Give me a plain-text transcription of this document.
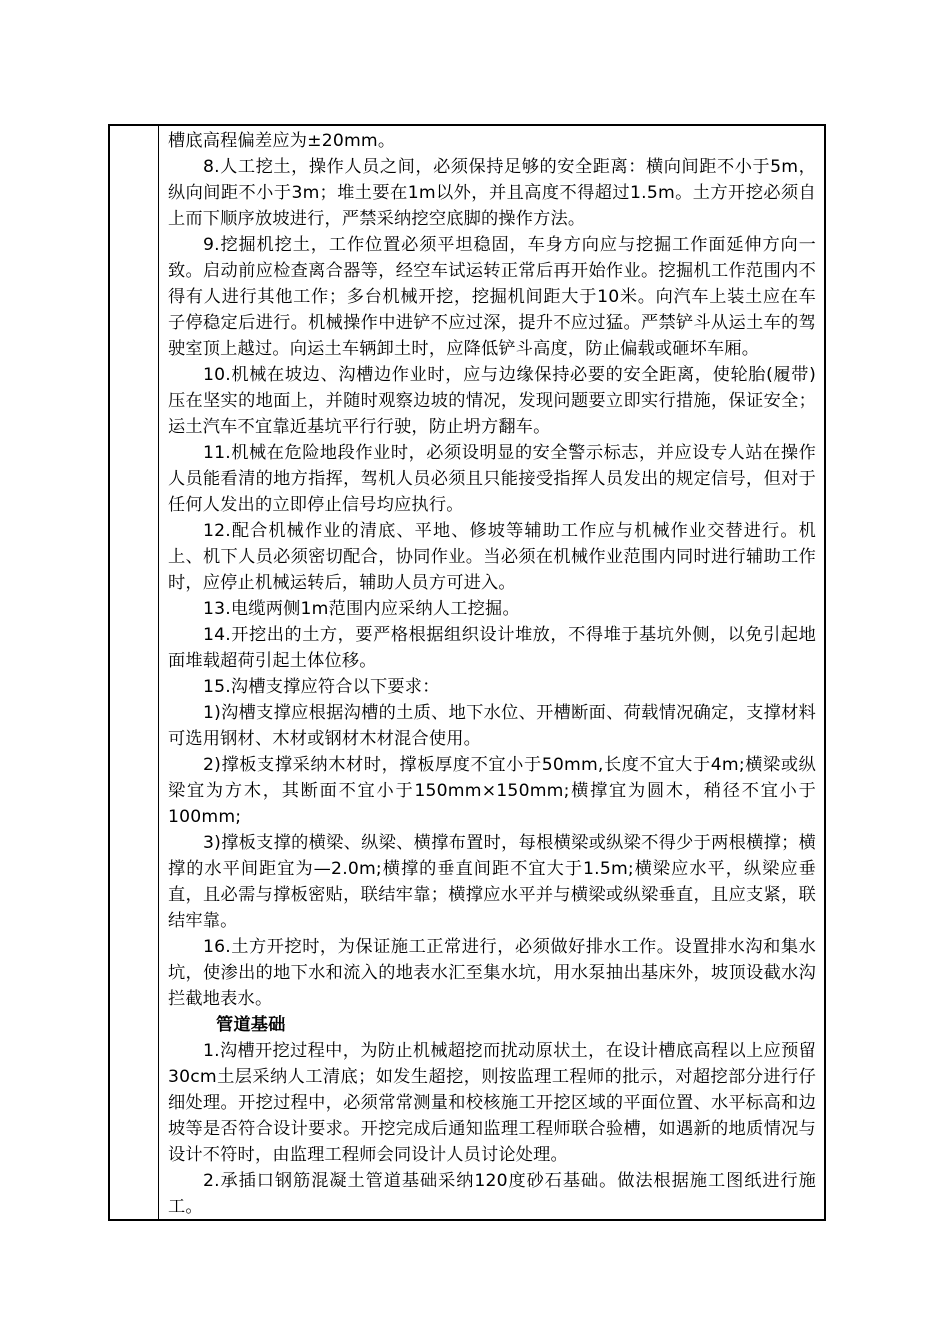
槽底高程偏差应为±20mm。

8.人工挖土，操作人员之间，必须保持足够的安全距离：横向间距不小于5m，纵向间距不小于3m；堆土要在1m以外，并且高度不得超过1.5m。土方开挖必须自上而下顺序放坡进行，严禁采纳挖空底脚的操作方法。

9.挖掘机挖土，工作位置必须平坦稳固，车身方向应与挖掘工作面延伸方向一致。启动前应检查离合器等，经空车试运转正常后再开始作业。挖掘机工作范围内不得有人进行其他工作；多台机械开挖，挖掘机间距大于10米。向汽车上装土应在车子停稳定后进行。机械操作中进铲不应过深，提升不应过猛。严禁铲斗从运土车的驾驶室顶上越过。向运土车辆卸土时，应降低铲斗高度，防止偏载或砸坏车厢。

10.机械在坡边、沟槽边作业时，应与边缘保持必要的安全距离，使轮胎(履带)压在坚实的地面上，并随时观察边坡的情况，发现问题要立即实行措施，保证安全；运土汽车不宜靠近基坑平行行驶，防止坍方翻车。

11.机械在危险地段作业时，必须设明显的安全警示标志，并应设专人站在操作人员能看清的地方指挥，驾机人员必须且只能接受指挥人员发出的规定信号，但对于任何人发出的立即停止信号均应执行。

12.配合机械作业的清底、平地、修坡等辅助工作应与机械作业交替进行。机上、机下人员必须密切配合，协同作业。当必须在机械作业范围内同时进行辅助工作时，应停止机械运转后，辅助人员方可进入。

13.电缆两侧1m范围内应采纳人工挖掘。

14.开挖出的土方，要严格根据组织设计堆放，不得堆于基坑外侧，以免引起地面堆载超荷引起土体位移。

15.沟槽支撑应符合以下要求：

1)沟槽支撑应根据沟槽的土质、地下水位、开槽断面、荷载情况确定，支撑材料可选用钢材、木材或钢材木材混合使用。

2)撑板支撑采纳木材时，撑板厚度不宜小于50mm,长度不宜大于4m;横梁或纵梁宜为方木，其断面不宜小于150mm×150mm;横撑宜为圆木，稍径不宜小于100mm;

3)撑板支撑的横梁、纵梁、横撑布置时，每根横梁或纵梁不得少于两根横撑；横撑的水平间距宜为—2.0m;横撑的垂直间距不宜大于1.5m;横梁应水平，纵梁应垂直，且必需与撑板密贴，联结牢靠；横撑应水平并与横梁或纵梁垂直，且应支紧，联结牢靠。

16.土方开挖时，为保证施工正常进行，必须做好排水工作。设置排水沟和集水坑，使渗出的地下水和流入的地表水汇至集水坑，用水泵抽出基床外，坡顶设截水沟拦截地表水。

管道基础

1.沟槽开挖过程中，为防止机械超挖而扰动原状土，在设计槽底高程以上应预留30cm土层采纳人工清底；如发生超挖，则按监理工程师的批示，对超挖部分进行仔细处理。开挖过程中，必须常常测量和校核施工开挖区域的平面位置、水平标高和边坡等是否符合设计要求。开挖完成后通知监理工程师联合验槽，如遇新的地质情况与设计不符时，由监理工程师会同设计人员讨论处理。

2.承插口钢筋混凝土管道基础采纳120度砂石基础。做法根据施工图纸进行施工。
